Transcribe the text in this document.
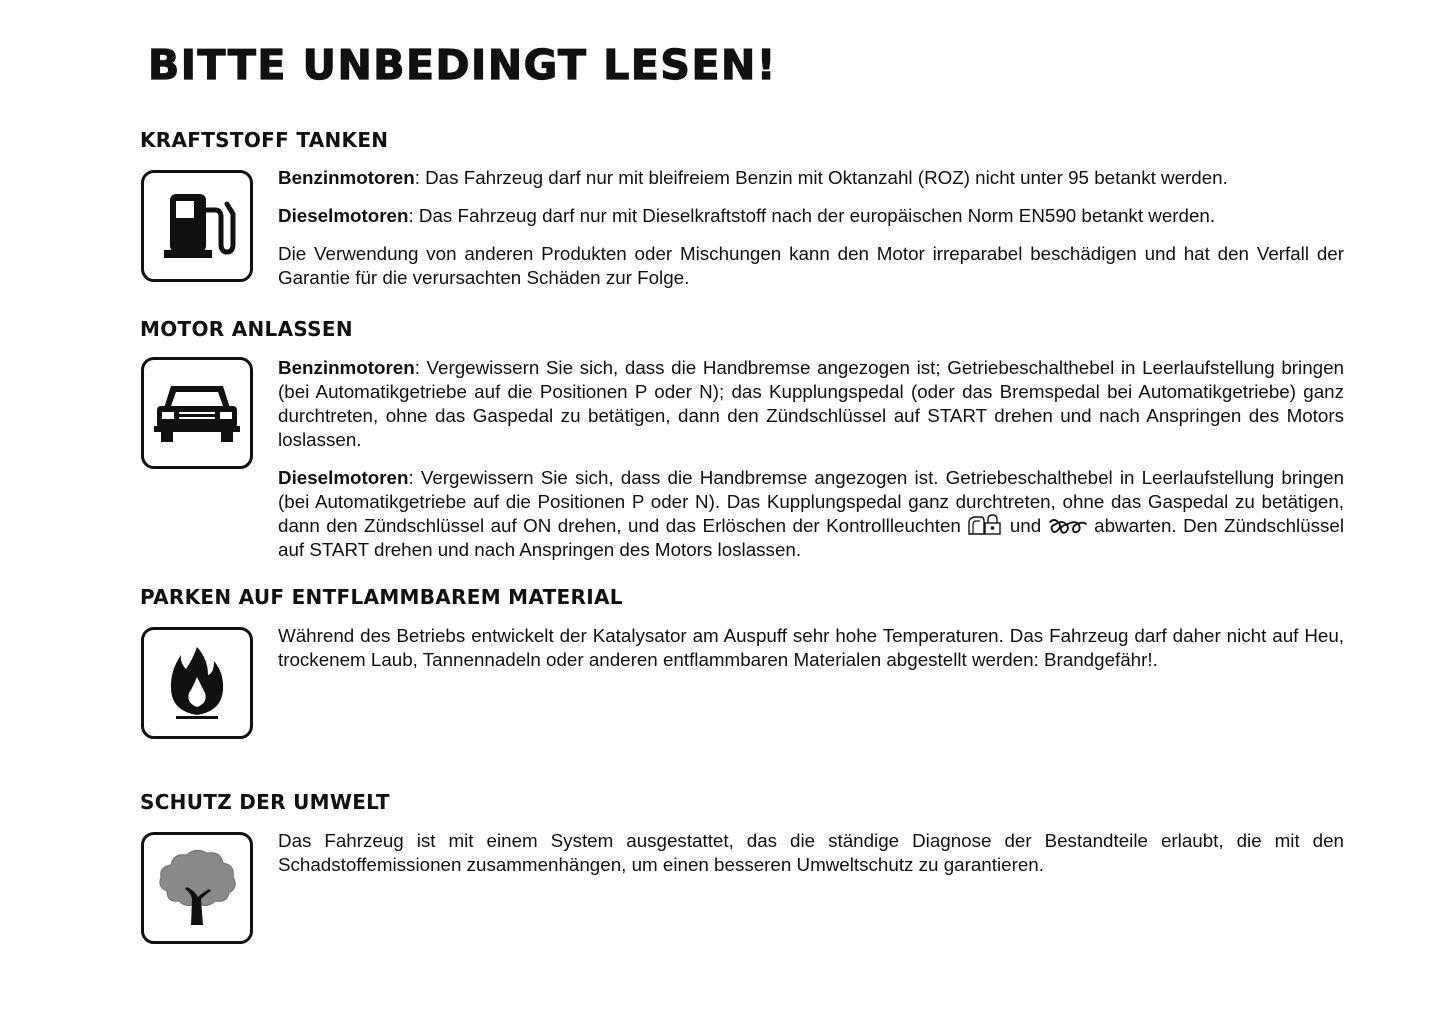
BITTE UNBEDINGT LESEN!
KRAFTSTOFF TANKEN

Benzinmotoren: Das Fahrzeug darf nur mit bleifreiem Benzin mit Oktanzahl (ROZ) nicht unter 95 betankt werden.

Dieselmotoren: Das Fahrzeug darf nur mit Dieselkraftstoff nach der europäischen Norm EN590 betankt werden.

Die Verwendung von anderen Produkten oder Mischungen kann den Motor irreparabel beschädigen und hat den Verfall der Garantie für die verursachten Schäden zur Folge.

MOTOR ANLASSEN

Benzinmotoren: Vergewissern Sie sich, dass die Handbremse angezogen ist; Getriebeschalthebel in Leerlaufstellung bringen (bei Automatikgetriebe auf die Positionen P oder N); das Kupplungspedal (oder das Bremspedal bei Automatikgetriebe) ganz durchtreten, ohne das Gaspedal zu betätigen, dann den Zündschlüssel auf START drehen und nach Anspringen des Motors loslassen.

Dieselmotoren: Vergewissern Sie sich, dass die Handbremse angezogen ist. Getriebeschalthebel in Leerlaufstellung bringen (bei Automatikgetriebe auf die Positionen P oder N). Das Kupplungspedal ganz durchtreten, ohne das Gaspedal zu betätigen, dann den Zündschlüssel auf ON drehen, und das Erlöschen der Kontrollleuchten	und	abwarten. Den Zündschlüssel auf START drehen und nach Anspringen des Motors loslassen.

PARKEN AUF ENTFLAMMBAREM MATERIAL

Während des Betriebs entwickelt der Katalysator am Auspuff sehr hohe Temperaturen. Das Fahrzeug darf daher nicht auf Heu, trockenem Laub, Tannennadeln oder anderen entflammbaren Materialen abgestellt werden: Brandgefähr!.

SCHUTZ DER UMWELT

Das Fahrzeug ist mit einem System ausgestattet, das die ständige Diagnose der Bestandteile erlaubt, die mit den Schadstoffemissionen zusammenhängen, um einen besseren Umweltschutz zu garantieren.
